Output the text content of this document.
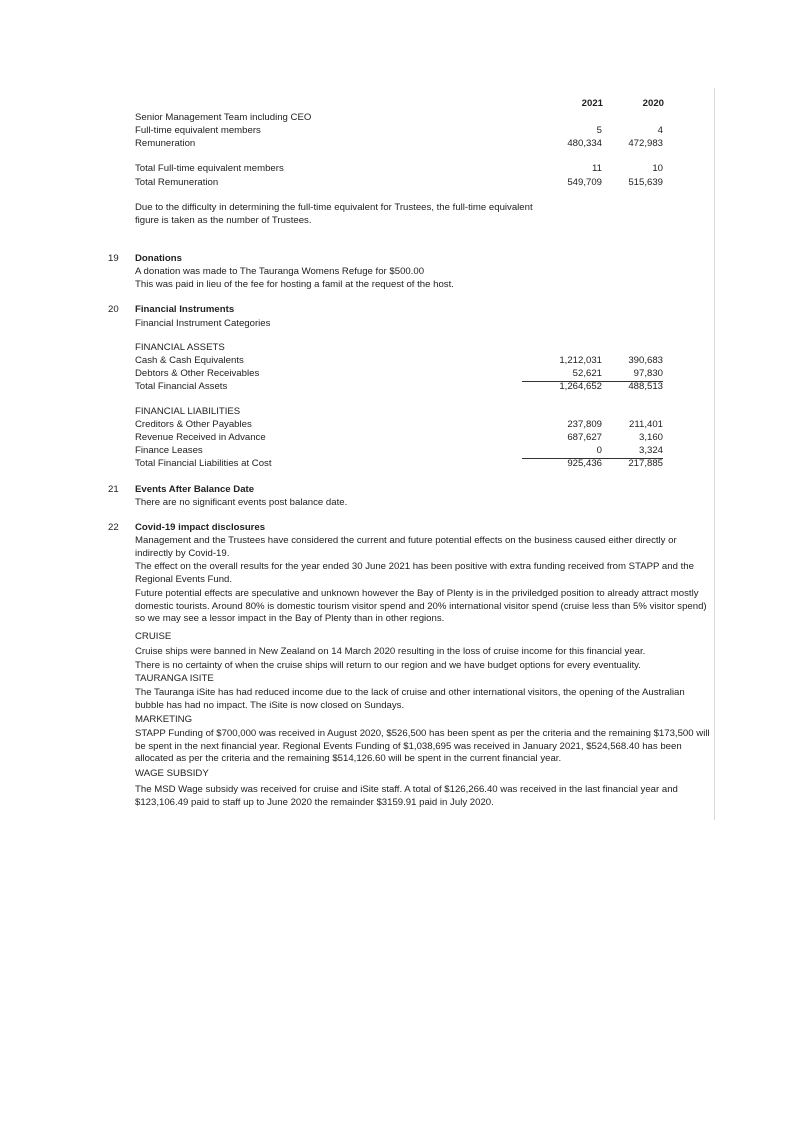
2021	2020
Senior Management Team including CEO
Full-time equivalent members	5	4
Remuneration	480,334	472,983
Total Full-time equivalent members	11	10
Total Remuneration	549,709	515,639
Due to the difficulty in determining the full-time equivalent for Trustees, the full-time equivalent
figure is taken as the number of Trustees.
19 Donations
A donation was made to The Tauranga Womens Refuge for $500.00
This was paid in lieu of the fee for hosting a famil at the request of the host.
20 Financial Instruments
Financial Instrument Categories
FINANCIAL ASSETS
Cash & Cash Equivalents	1,212,031	390,683
Debtors & Other Receivables	52,621	97,830
Total Financial Assets	1,264,652	488,513
FINANCIAL LIABILITIES
Creditors & Other Payables	237,809	211,401
Revenue Received in Advance	687,627	3,160
Finance Leases	0	3,324
Total Financial Liabilities at Cost	925,436	217,885
21 Events After Balance Date
There are no significant events post balance date.
22 Covid-19 impact disclosures
Management and the Trustees have considered the current and future potential effects on the business caused either directly or indirectly by Covid-19.
The effect on the overall results for the year ended 30 June 2021 has been positive with extra funding received from STAPP and the Regional Events Fund.
Future potential effects are speculative and unknown however the Bay of Plenty is in the priviledged position to already attract mostly domestic tourists. Around 80% is domestic tourism visitor spend and 20% international visitor spend (cruise less than 5% visitor spend) so we may see a lessor impact in the Bay of Plenty than in other regions.
CRUISE
Cruise ships were banned in New Zealand on 14 March 2020 resulting in the loss of cruise income for this financial year.
There is no certainty of when the cruise ships will return to our region and we have budget options for every eventuality.
TAURANGA ISITE
The Tauranga iSite has had reduced income due to the lack of cruise and other international visitors, the opening of the Australian bubble has had no impact. The iSite is now closed on Sundays.
MARKETING
STAPP Funding of $700,000 was received in August 2020, $526,500 has been spent as per the criteria and the remaining $173,500 will be spent in the next financial year. Regional Events Funding of $1,038,695 was received in January 2021, $524,568.40 has been allocated as per the criteria and the remaining $514,126.60 will be spent in the current financial year.
WAGE SUBSIDY
The MSD Wage subsidy was received for cruise and iSite staff. A total of $126,266.40 was received in the last financial year and $123,106.49 paid to staff up to June 2020 the remainder $3159.91 paid in July 2020.
